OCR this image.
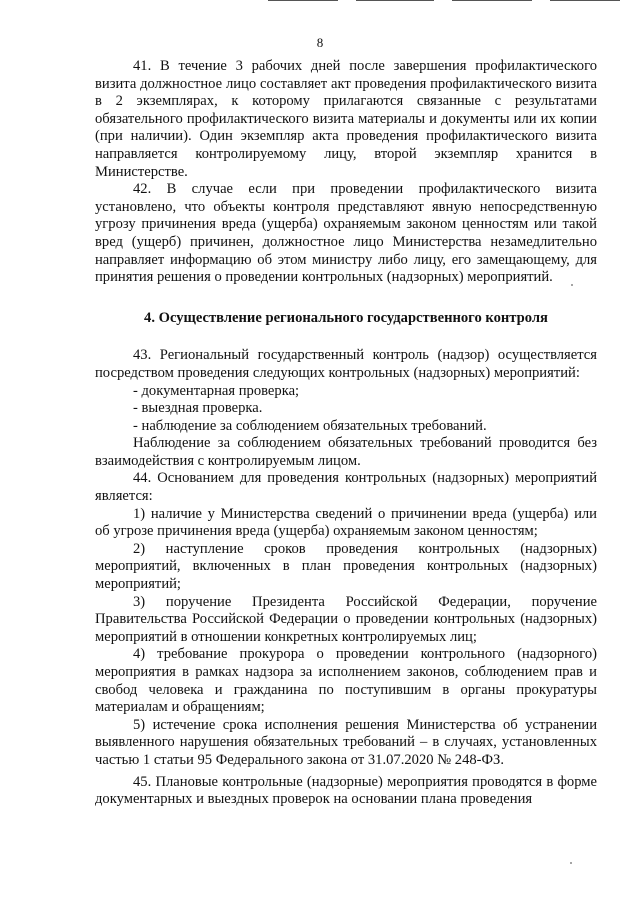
8

41. В течение 3 рабочих дней после завершения профилактического визита должностное лицо составляет акт проведения профилактического визита в 2 экземплярах, к которому прилагаются связанные с результатами обязательного профилактического визита материалы и документы или их копии (при наличии). Один экземпляр акта проведения профилактического визита направляется контролируемому лицу, второй экземпляр хранится в Министерстве.

42. В случае если при проведении профилактического визита установлено, что объекты контроля представляют явную непосредственную угрозу причинения вреда (ущерба) охраняемым законом ценностям или такой вред (ущерб) причинен, должностное лицо Министерства незамедлительно направляет информацию об этом министру либо лицу, его замещающему, для принятия решения о проведении контрольных (надзорных) мероприятий.

4. Осуществление регионального государственного контроля

43. Региональный государственный контроль (надзор) осуществляется посредством проведения следующих контрольных (надзорных) мероприятий:

- документарная проверка;

- выездная проверка.

- наблюдение за соблюдением обязательных требований.

Наблюдение за соблюдением обязательных требований проводится без взаимодействия с контролируемым лицом.

44. Основанием для проведения контрольных (надзорных) мероприятий является:

1) наличие у Министерства сведений о причинении вреда (ущерба) или об угрозе причинения вреда (ущерба) охраняемым законом ценностям;

2) наступление сроков проведения контрольных (надзорных) мероприятий, включенных в план проведения контрольных (надзорных) мероприятий;

3) поручение Президента Российской Федерации, поручение Правительства Российской Федерации о проведении контрольных (надзорных) мероприятий в отношении конкретных контролируемых лиц;

4) требование прокурора о проведении контрольного (надзорного) мероприятия в рамках надзора за исполнением законов, соблюдением прав и свобод человека и гражданина по поступившим в органы прокуратуры материалам и обращениям;

5) истечение срока исполнения решения Министерства об устранении выявленного нарушения обязательных требований – в случаях, установленных частью 1 статьи 95 Федерального закона от 31.07.2020 № 248-ФЗ.

45. Плановые контрольные (надзорные) мероприятия проводятся в форме документарных и выездных проверок на основании плана проведения
